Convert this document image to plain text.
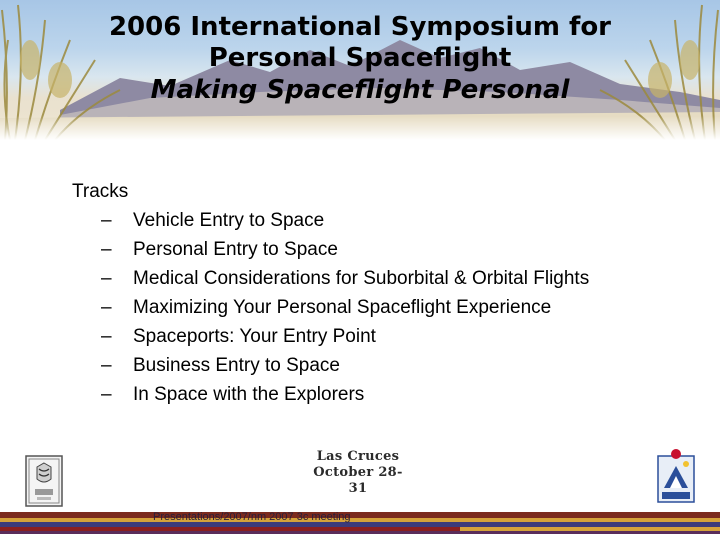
2006 International Symposium for
Personal Spaceflight
Making Spaceflight Personal
Tracks
– Vehicle Entry to Space
– Personal Entry to Space
– Medical Considerations for Suborbital & Orbital Flights
– Maximizing Your Personal Spaceflight Experience
– Spaceports: Your Entry Point
– Business Entry to Space
– In Space with the Explorers
Las Cruces
October 28-31
Presentations/2007/nm 2007 3c meeting
